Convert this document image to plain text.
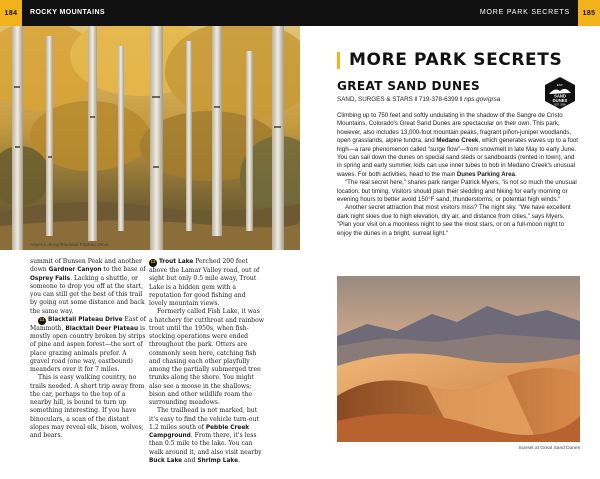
184	ROCKY MOUNTAINS
Aspens along Blacktail Plateau Drive

summit of Bunsen Peak and another down Gardner Canyon to the base of Osprey Falls. Lacking a shuttle, or someone to drop you off at the start, you can still get the best of this trail by going out some distance and back the same way.

11 Blacktail Plateau Drive East of Mammoth, Blacktail Deer Plateau is mostly open country broken by strips of pine and aspen forest—the sort of place grazing animals prefer. A gravel road (one way, eastbound) meanders over it for 7 miles.

This is easy walking country, no trails needed. A short trip away from the car, perhaps to the top of a nearby hill, is bound to turn up something interesting. If you have binoculars, a scan of the distant slopes may reveal elk, bison, wolves, and bears.

12 Trout Lake Perched 200 feet above the Lamar Valley road, out of sight but only 0.5 mile away, Trout Lake is a hidden gem with a reputation for good fishing and lovely mountain views.

Formerly called Fish Lake, it was a hatchery for cutthroat and rainbow trout until the 1950s, when fish-stocking operations were ended throughout the park. Otters are commonly seen here, catching fish and chasing each other playfully among the partially submerged tree trunks along the shore. You might also see a moose in the shallows; bison and other wildlife roam the surrounding meadows.

The trailhead is not marked, but it's easy to find the vehicle turn-out 1.2 miles south of Pebble Creek Campground. From there, it's less than 0.5 mile to the lake. You can walk around it, and also visit nearby Buck Lake and Shrimp Lake.

MORE PARK SECRETS	185
MORE PARK SECRETS
GREAT SAND DUNES
SAND, SURGES & STARS ‖ 719-378-6399 ‖ nps.gov/grsa
EST.
SAND
DUNES
EST. 2004

Climbing up to 750 feet and softly undulating in the shadow of the Sangre de Cristo Mountains, Colorado's Great Sand Dunes are spectacular on their own. This park, however, also includes 13,000-foot mountain peaks, fragrant piñon-juniper woodlands, open grasslands, alpine tundra, and Medano Creek, which generates waves up to a foot high—a rare phenomenon called "surge flow"—from snowmelt in late May to early June. You can sail down the dunes on special sand sleds or sandboards (rented in town), and in spring and early summer, kids can use inner tubes to bob in Medano Creek's unusual waves. For both activities, head to the main Dunes Parking Area.

"The real secret here," shares park ranger Patrick Myers, "is not so much the unusual location, but timing. Visitors should plan their sledding and hiking for early morning or evening hours to better avoid 150°F sand, thunderstorms, or potential high winds."

Another secret attraction that most visitors miss? The night sky. "We have excellent dark night skies due to high elevation, dry air, and distance from cities," says Myers. "Plan your visit on a moonless night to see the most stars, or on a full-moon night to enjoy the dunes in a bright, surreal light."

Sunset at Great Sand Dunes
